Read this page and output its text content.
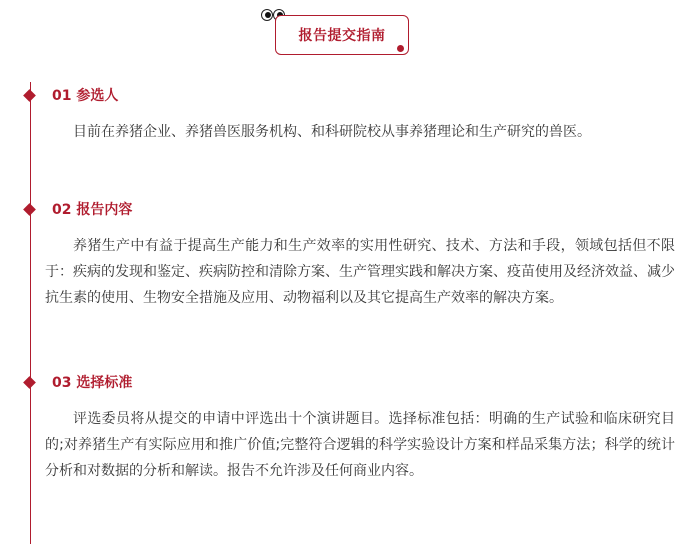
报告提交指南
01 参选人

目前在养猪企业、养猪兽医服务机构、和科研院校从事养猪理论和生产研究的兽医。

02 报告内容

养猪生产中有益于提高生产能力和生产效率的实用性研究、技术、方法和手段，领域包括但不限于：疾病的发现和鉴定、疾病防控和清除方案、生产管理实践和解决方案、疫苗使用及经济效益、减少抗生素的使用、生物安全措施及应用、动物福利以及其它提高生产效率的解决方案。

03 选择标准

评选委员将从提交的申请中评选出十个演讲题目。选择标准包括：明确的生产试验和临床研究目的;对养猪生产有实际应用和推广价值;完整符合逻辑的科学实验设计方案和样品采集方法；科学的统计分析和对数据的分析和解读。报告不允许涉及任何商业内容。
